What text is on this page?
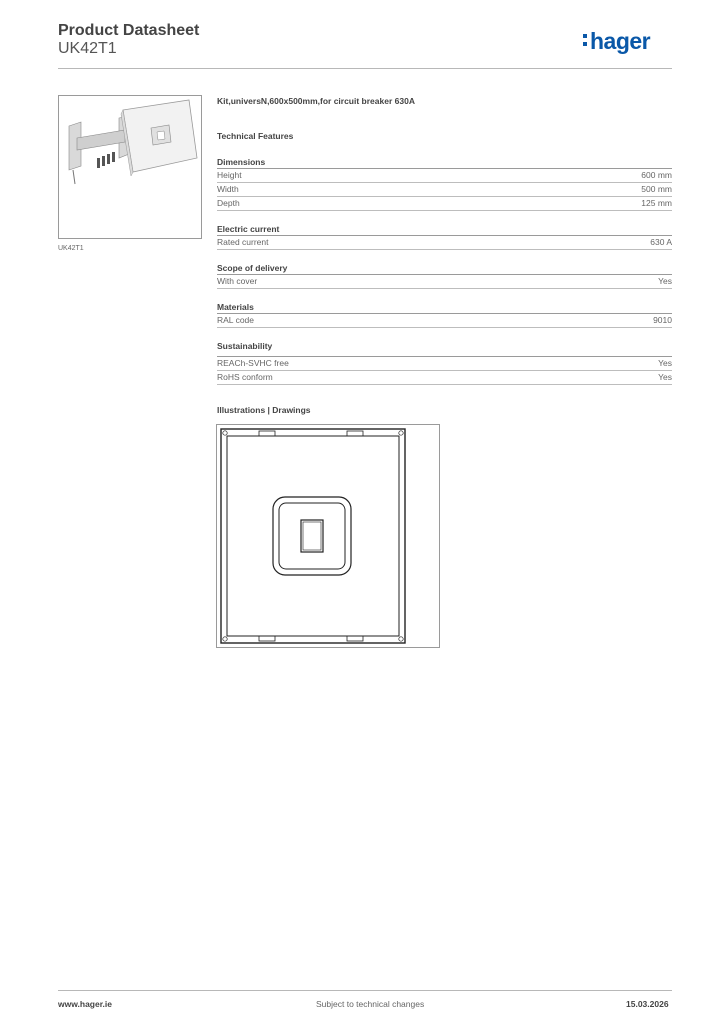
Product Datasheet
UK42T1	hager
UK42T1
Kit,universN,600x500mm,for circuit breaker 630A
Technical Features
Dimensions
Height	600 mm
Width	500 mm
Depth	125 mm
Electric current
Rated current	630 A
Scope of delivery
With cover	Yes
Materials
RAL code	9010
Sustainability
REACh-SVHC free	Yes
RoHS conform	Yes
Illustrations | Drawings
www.hager.ie	Subject to technical changes	15.03.2026
